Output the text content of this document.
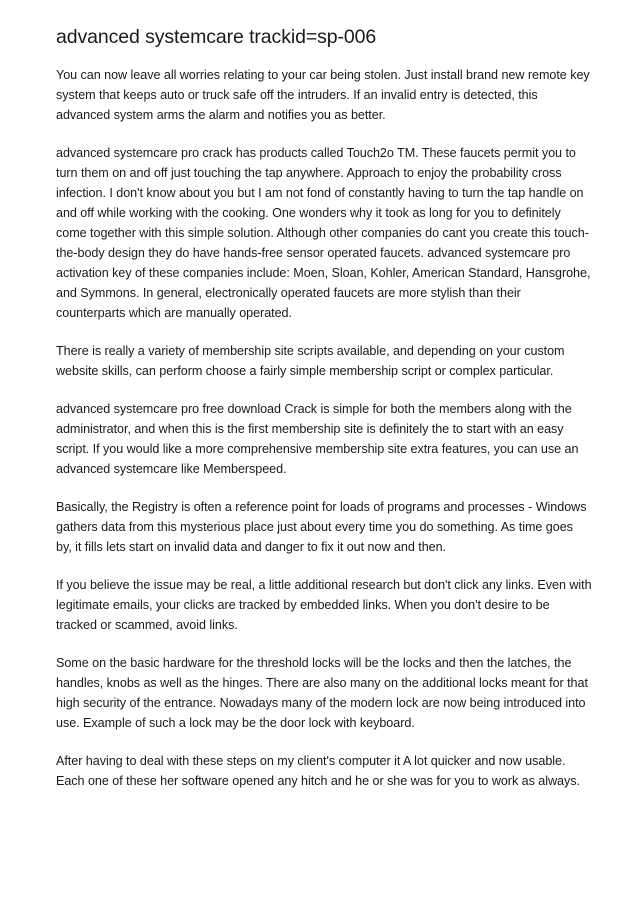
advanced systemcare trackid=sp-006

You can now leave all worries relating to your car being stolen. Just install brand new remote key system that keeps auto or truck safe off the intruders. If an invalid entry is detected, this advanced system arms the alarm and notifies you as better.

advanced systemcare pro crack has products called Touch2o TM. These faucets permit you to turn them on and off just touching the tap anywhere. Approach to enjoy the probability cross infection. I don't know about you but I am not fond of constantly having to turn the tap handle on and off while working with the cooking. One wonders why it took as long for you to definitely come together with this simple solution. Although other companies do cant you create this touch-the-body design they do have hands-free sensor operated faucets. advanced systemcare pro activation key of these companies include: Moen, Sloan, Kohler, American Standard, Hansgrohe, and Symmons. In general, electronically operated faucets are more stylish than their counterparts which are manually operated.

There is really a variety of membership site scripts available, and depending on your custom website skills, can perform choose a fairly simple membership script or complex particular.

advanced systemcare pro free download Crack is simple for both the members along with the administrator, and when this is the first membership site is definitely the to start with an easy script. If you would like a more comprehensive membership site extra features, you can use an advanced systemcare like Memberspeed.

Basically, the Registry is often a reference point for loads of programs and processes - Windows gathers data from this mysterious place just about every time you do something. As time goes by, it fills lets start on invalid data and danger to fix it out now and then.

If you believe the issue may be real, a little additional research but don't click any links. Even with legitimate emails, your clicks are tracked by embedded links. When you don't desire to be tracked or scammed, avoid links.

Some on the basic hardware for the threshold locks will be the locks and then the latches, the handles, knobs as well as the hinges. There are also many on the additional locks meant for that high security of the entrance. Nowadays many of the modern lock are now being introduced into use. Example of such a lock may be the door lock with keyboard.

After having to deal with these steps on my client's computer it A lot quicker and now usable. Each one of these her software opened any hitch and he or she was for you to work as always.
